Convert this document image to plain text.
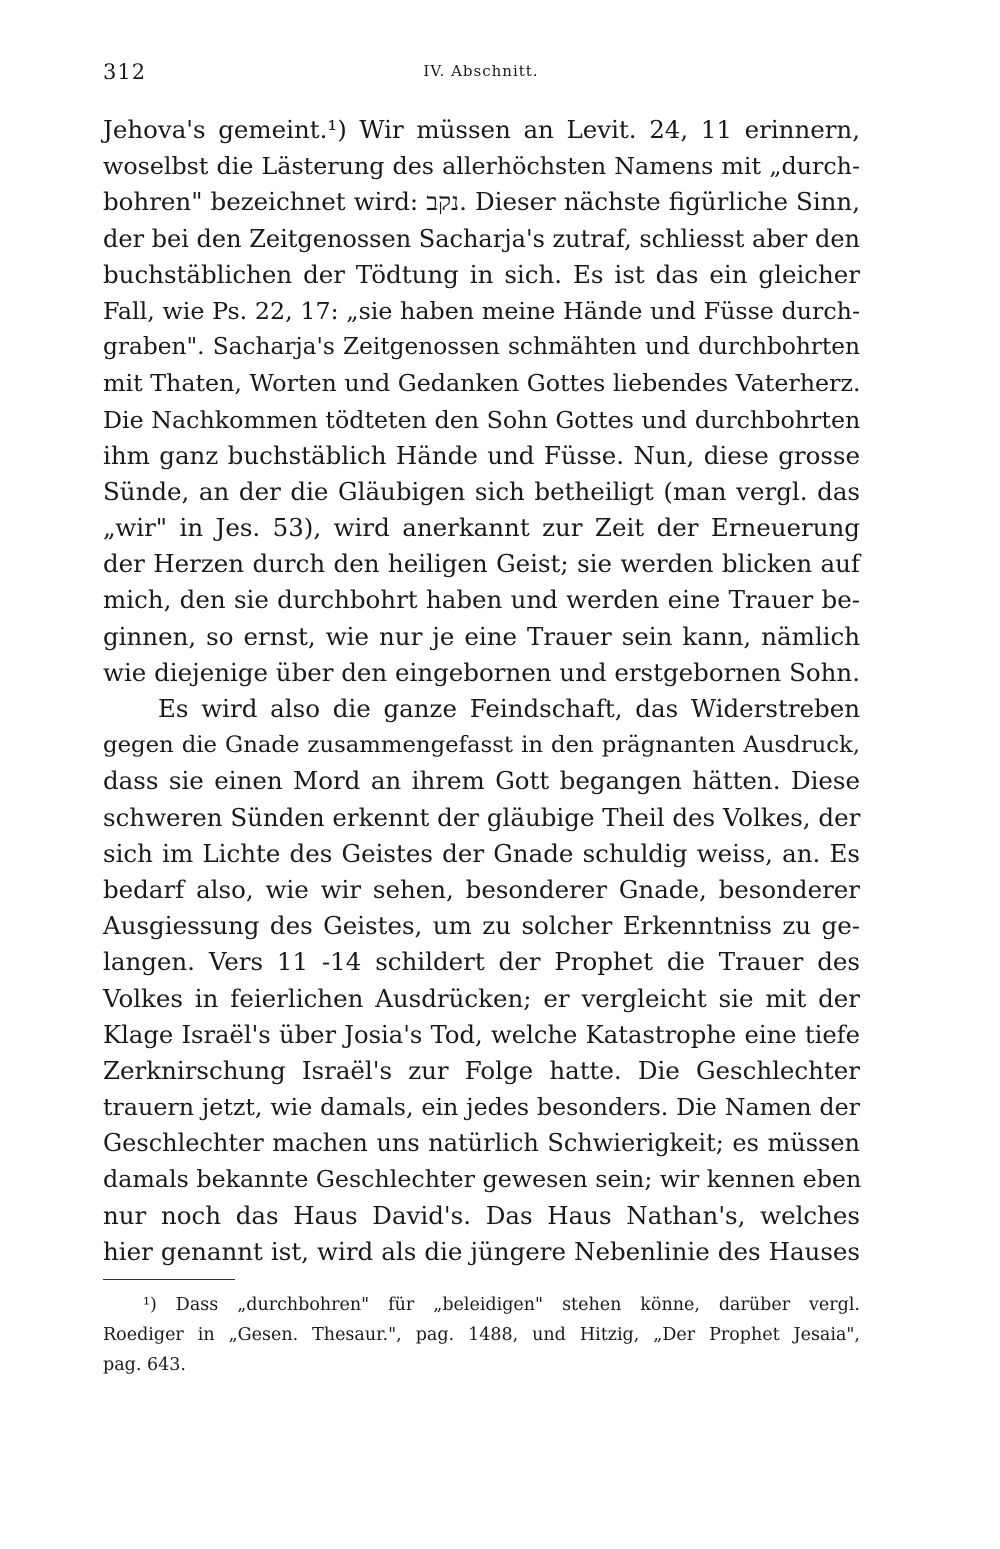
312	IV. Abschnitt.
Jehova's gemeint.¹) Wir müssen an Levit. 24, 11 erinnern,
woselbst die Lästerung des allerhöchsten Namens mit „durch-
bohren" bezeichnet wird: נקב. Dieser nächste figürliche Sinn,
der bei den Zeitgenossen Sacharja's zutraf, schliesst aber den
buchstäblichen der Tödtung in sich. Es ist das ein gleicher
Fall, wie Ps. 22, 17: „sie haben meine Hände und Füsse durch-
graben". Sacharja's Zeitgenossen schmähten und durchbohrten
mit Thaten, Worten und Gedanken Gottes liebendes Vaterherz.
Die Nachkommen tödteten den Sohn Gottes und durchbohrten
ihm ganz buchstäblich Hände und Füsse. Nun, diese grosse
Sünde, an der die Gläubigen sich betheiligt (man vergl. das
„wir" in Jes. 53), wird anerkannt zur Zeit der Erneuerung
der Herzen durch den heiligen Geist; sie werden blicken auf
mich, den sie durchbohrt haben und werden eine Trauer be-
ginnen, so ernst, wie nur je eine Trauer sein kann, nämlich
wie diejenige über den eingebornen und erstgebornen Sohn.
Es wird also die ganze Feindschaft, das Widerstreben
gegen die Gnade zusammengefasst in den prägnanten Ausdruck,
dass sie einen Mord an ihrem Gott begangen hätten. Diese
schweren Sünden erkennt der gläubige Theil des Volkes, der
sich im Lichte des Geistes der Gnade schuldig weiss, an. Es
bedarf also, wie wir sehen, besonderer Gnade, besonderer
Ausgiessung des Geistes, um zu solcher Erkenntniss zu ge-
langen. Vers 11 -14 schildert der Prophet die Trauer des
Volkes in feierlichen Ausdrücken; er vergleicht sie mit der
Klage Israël's über Josia's Tod, welche Katastrophe eine tiefe
Zerknirschung Israël's zur Folge hatte. Die Geschlechter
trauern jetzt, wie damals, ein jedes besonders. Die Namen der
Geschlechter machen uns natürlich Schwierigkeit; es müssen
damals bekannte Geschlechter gewesen sein; wir kennen eben
nur noch das Haus David's. Das Haus Nathan's, welches
hier genannt ist, wird als die jüngere Nebenlinie des Hauses
¹) Dass „durchbohren" für „beleidigen" stehen könne, darüber vergl.
Roediger in „Gesen. Thesaur.", pag. 1488, und Hitzig, „Der Prophet Jesaia",
pag. 643.
